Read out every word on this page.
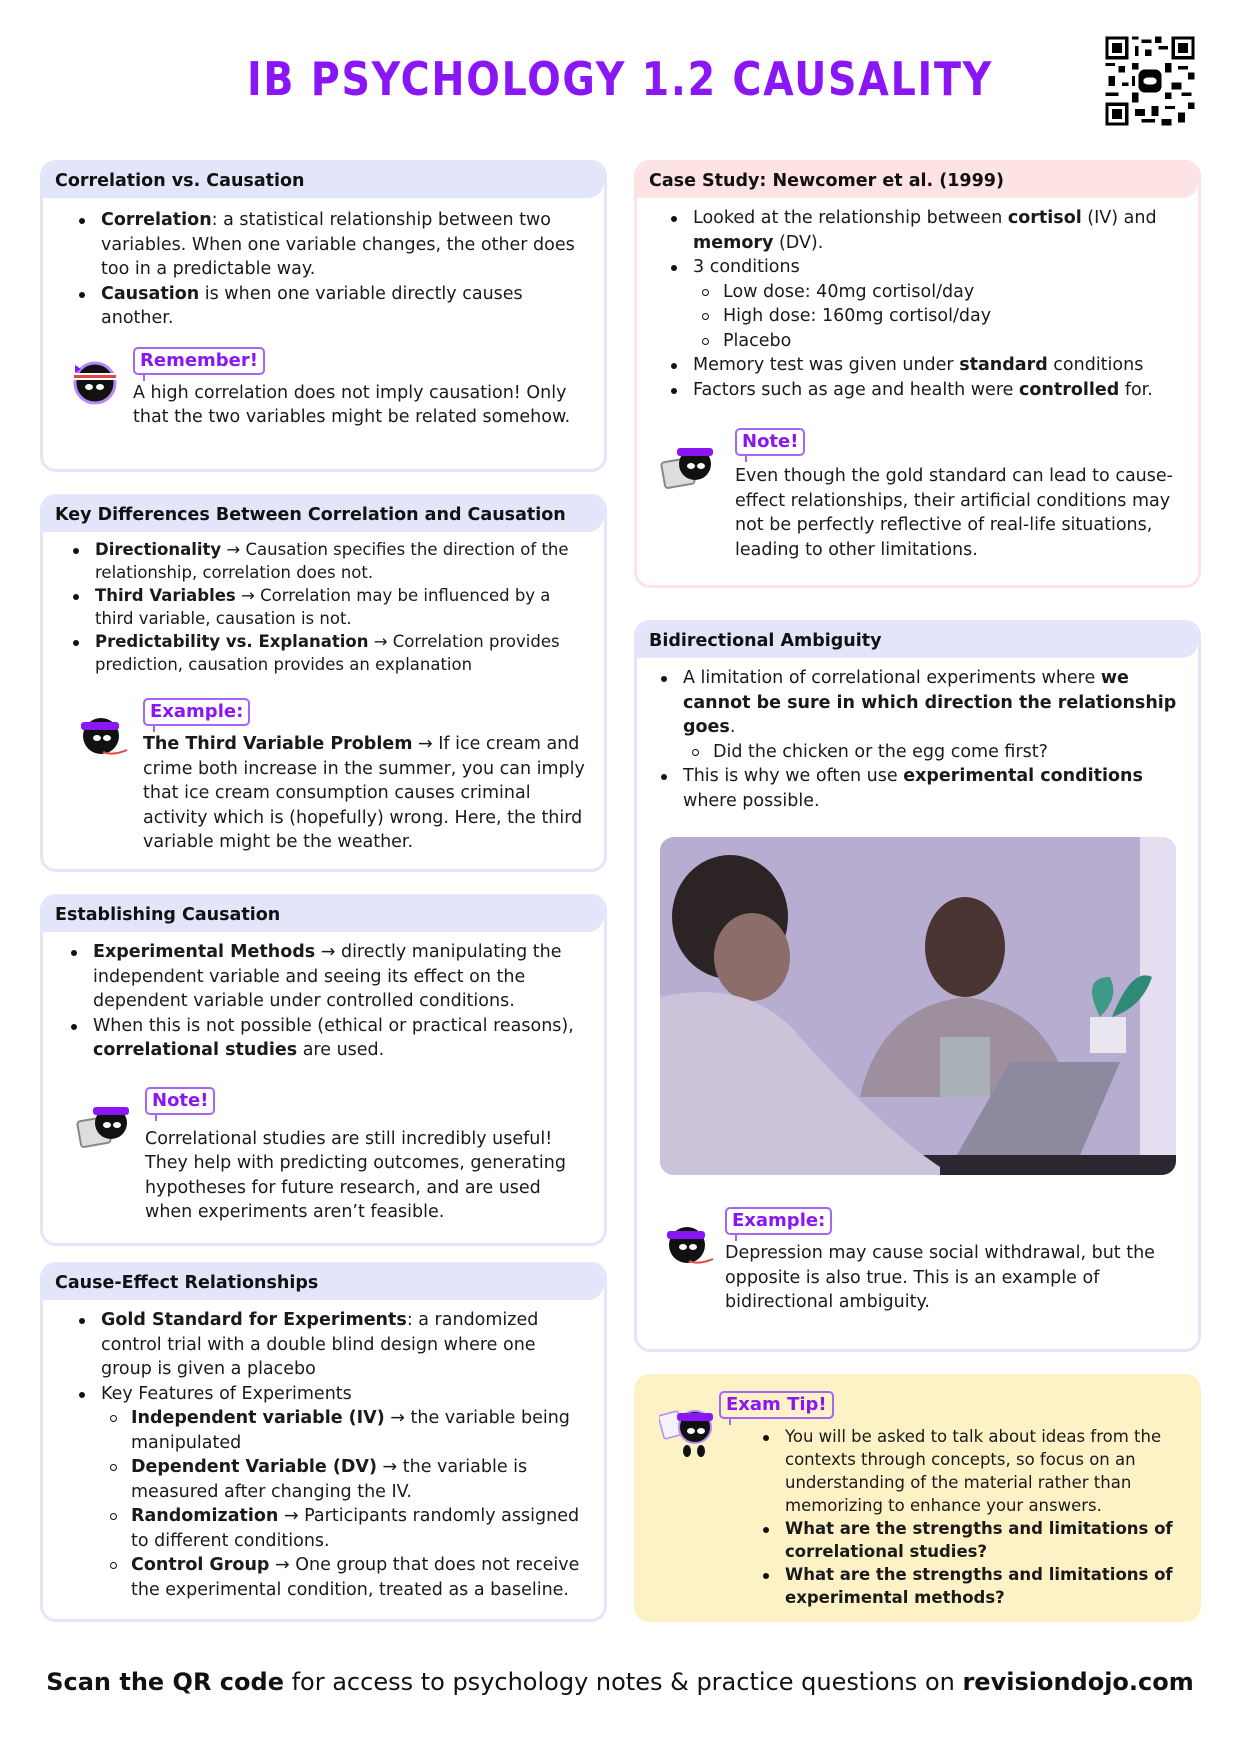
IB PSYCHOLOGY 1.2 CAUSALITY
Correlation vs. Causation
Correlation: a statistical relationship between two variables. When one variable changes, the other does too in a predictable way.
Causation is when one variable directly causes another.
Remember!
A high correlation does not imply causation! Only that the two variables might be related somehow.
Key Differences Between Correlation and Causation
Directionality → Causation specifies the direction of the relationship, correlation does not.
Third Variables → Correlation may be influenced by a third variable, causation is not.
Predictability vs. Explanation → Correlation provides prediction, causation provides an explanation
Example:
The Third Variable Problem → If ice cream and crime both increase in the summer, you can imply that ice cream consumption causes criminal activity which is (hopefully) wrong. Here, the third variable might be the weather.
Establishing Causation
Experimental Methods → directly manipulating the independent variable and seeing its effect on the dependent variable under controlled conditions.
When this is not possible (ethical or practical reasons), correlational studies are used.
Note!
Correlational studies are still incredibly useful! They help with predicting outcomes, generating hypotheses for future research, and are used when experiments aren’t feasible.
Cause-Effect Relationships
Gold Standard for Experiments: a randomized control trial with a double blind design where one group is given a placebo
Key Features of Experiments
Independent variable (IV) → the variable being manipulated
Dependent Variable (DV) → the variable is measured after changing the IV.
Randomization → Participants randomly assigned to different conditions.
Control Group → One group that does not receive the experimental condition, treated as a baseline.
Case Study: Newcomer et al. (1999)
Looked at the relationship between cortisol (IV) and memory (DV).
3 conditions
Low dose: 40mg cortisol/day
High dose: 160mg cortisol/day
Placebo
Memory test was given under standard conditions
Factors such as age and health were controlled for.
Note!
Even though the gold standard can lead to cause-effect relationships, their artificial conditions may not be perfectly reflective of real-life situations, leading to other limitations.
Bidirectional Ambiguity
A limitation of correlational experiments where we cannot be sure in which direction the relationship goes.
Did the chicken or the egg come first?
This is why we often use experimental conditions where possible.
Example:
Depression may cause social withdrawal, but the opposite is also true. This is an example of bidirectional ambiguity.
Exam Tip!
You will be asked to talk about ideas from the contexts through concepts, so focus on an understanding of the material rather than memorizing to enhance your answers.
What are the strengths and limitations of correlational studies?
What are the strengths and limitations of experimental methods?
Scan the QR code for access to psychology notes & practice questions on revisiondojo.com
